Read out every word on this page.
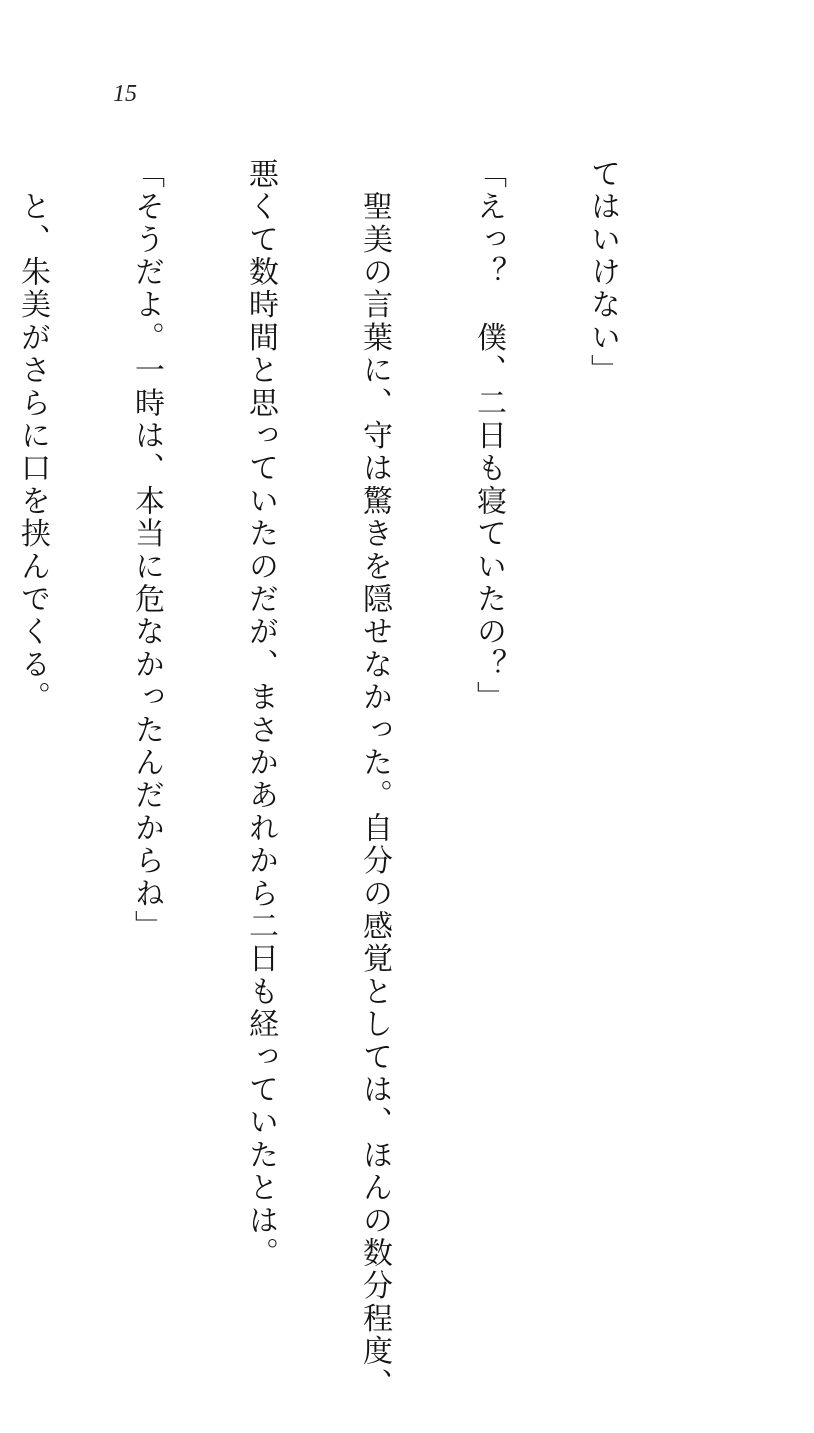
15

てはいけない」

「えっ？　僕、二日も寝ていたの？」

　聖美の言葉に、守は驚きを隠せなかった。自分の感覚としては、ほんの数分程度、

悪くて数時間と思っていたのだが、まさかあれから二日も経っていたとは。

「そうだよ。一時は、本当に危なかったんだからね」

　と、朱美がさらに口を挟んでくる。
